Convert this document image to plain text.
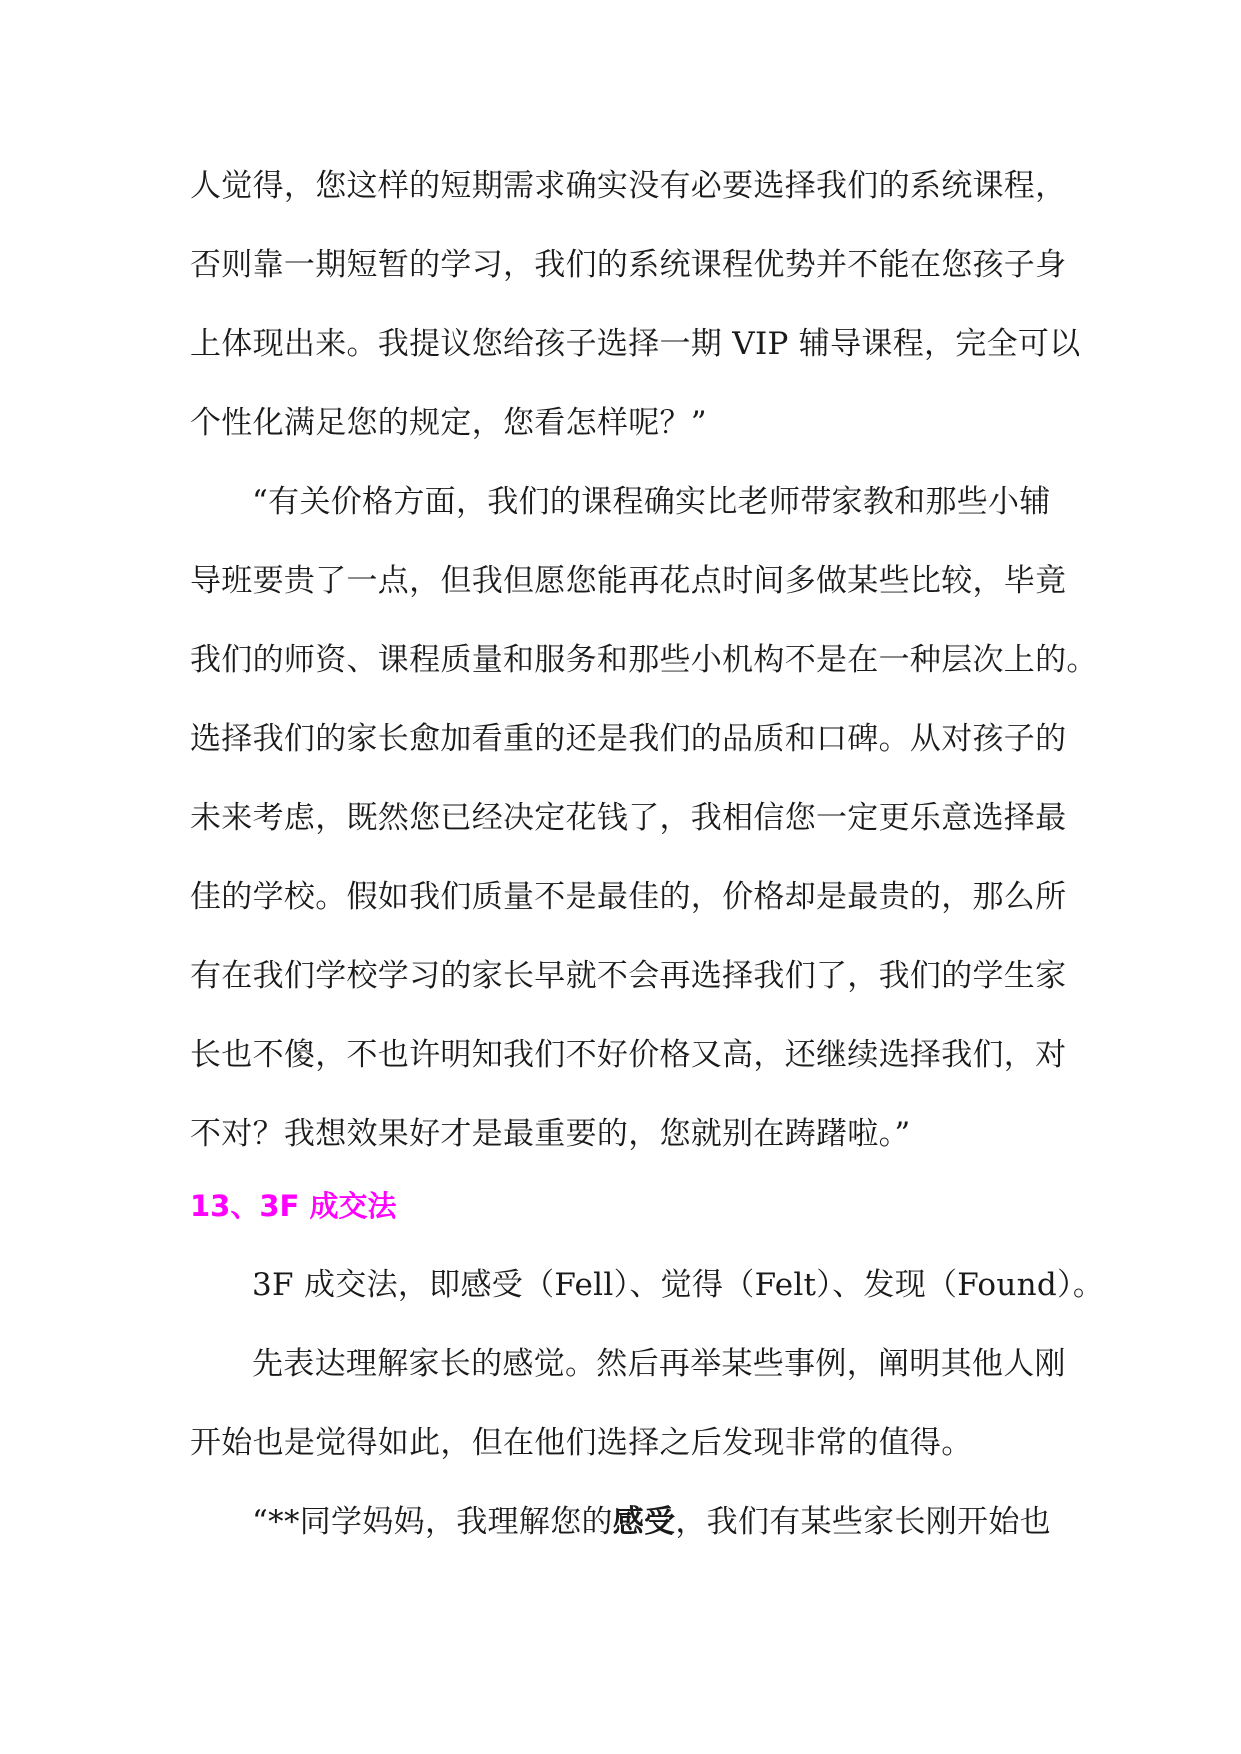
人觉得，您这样的短期需求确实没有必要选择我们的系统课程，
否则靠一期短暂的学习，我们的系统课程优势并不能在您孩子身
上体现出来。我提议您给孩子选择一期 VIP 辅导课程，完全可以
个性化满足您的规定，您看怎样呢？”
“有关价格方面，我们的课程确实比老师带家教和那些小辅
导班要贵了一点，但我但愿您能再花点时间多做某些比较，毕竟
我们的师资、课程质量和服务和那些小机构不是在一种层次上的。
选择我们的家长愈加看重的还是我们的品质和口碑。从对孩子的
未来考虑，既然您已经决定花钱了，我相信您一定更乐意选择最
佳的学校。假如我们质量不是最佳的，价格却是最贵的，那么所
有在我们学校学习的家长早就不会再选择我们了，我们的学生家
长也不傻，不也许明知我们不好价格又高，还继续选择我们，对
不对？我想效果好才是最重要的，您就别在踌躇啦。”
13、3F 成交法
3F 成交法，即感受（Fell）、觉得（Felt）、发现（Found）。
先表达理解家长的感觉。然后再举某些事例，阐明其他人刚
开始也是觉得如此，但在他们选择之后发现非常的值得。
“**同学妈妈，我理解您的感受，我们有某些家长刚开始也
